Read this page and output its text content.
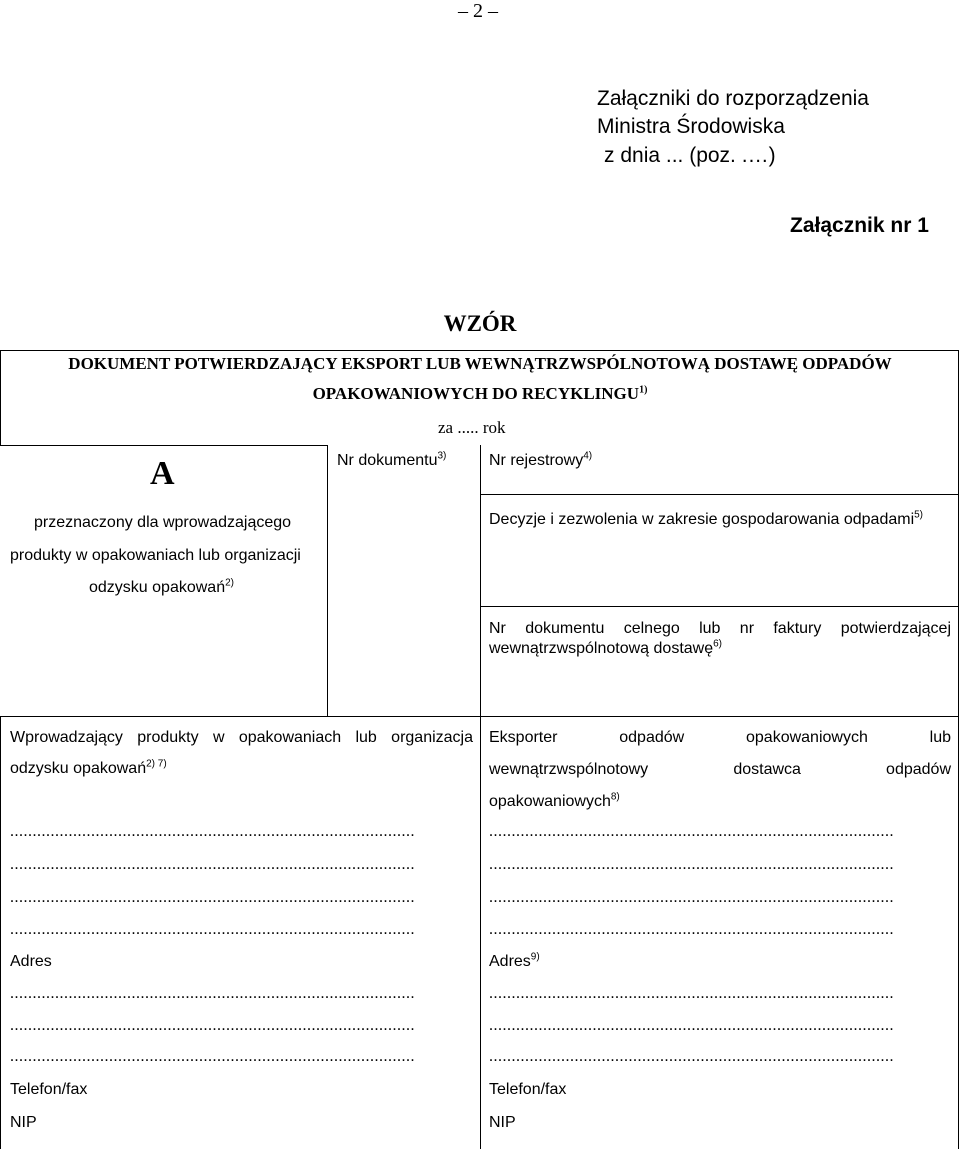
– 2 –
Załączniki do rozporządzenia
Ministra Środowiska
z dnia ... (poz. .…)
Załącznik nr 1
WZÓR
DOKUMENT POTWIERDZAJĄCY EKSPORT LUB WEWNĄTRZWSPÓLNOTOWĄ DOSTAWĘ ODPADÓW
OPAKOWANIOWYCH DO RECYKLINGU$^{1)}$
za ..... rok
A
przeznaczony dla wprowadzającego
produkty w opakowaniach lub organizacji
odzysku opakowań$^{2)}$
Nr dokumentu$^{3)}$	Nr rejestrowy$^{4)}$
Decyzje i zezwolenia w zakresie gospodarowania odpadami$^{5)}$
Nr dokumentu celnego lub nr faktury potwierdzającej
wewnątrzwspólnotową dostawę$^{6)}$
Wprowadzający produkty w opakowaniach lub organizacja
odzysku opakowań$^{2) 7)}$
..........................................................................................
..........................................................................................
..........................................................................................
..........................................................................................
Adres
..........................................................................................
..........................................................................................
..........................................................................................
Telefon/fax
NIP
Eksporter odpadów opakowaniowych lub
wewnątrzwspólnotowy dostawca odpadów
opakowaniowych$^{8)}$
..........................................................................................
..........................................................................................
..........................................................................................
..........................................................................................
Adres$^{9)}$
..........................................................................................
..........................................................................................
..........................................................................................
Telefon/fax
NIP
